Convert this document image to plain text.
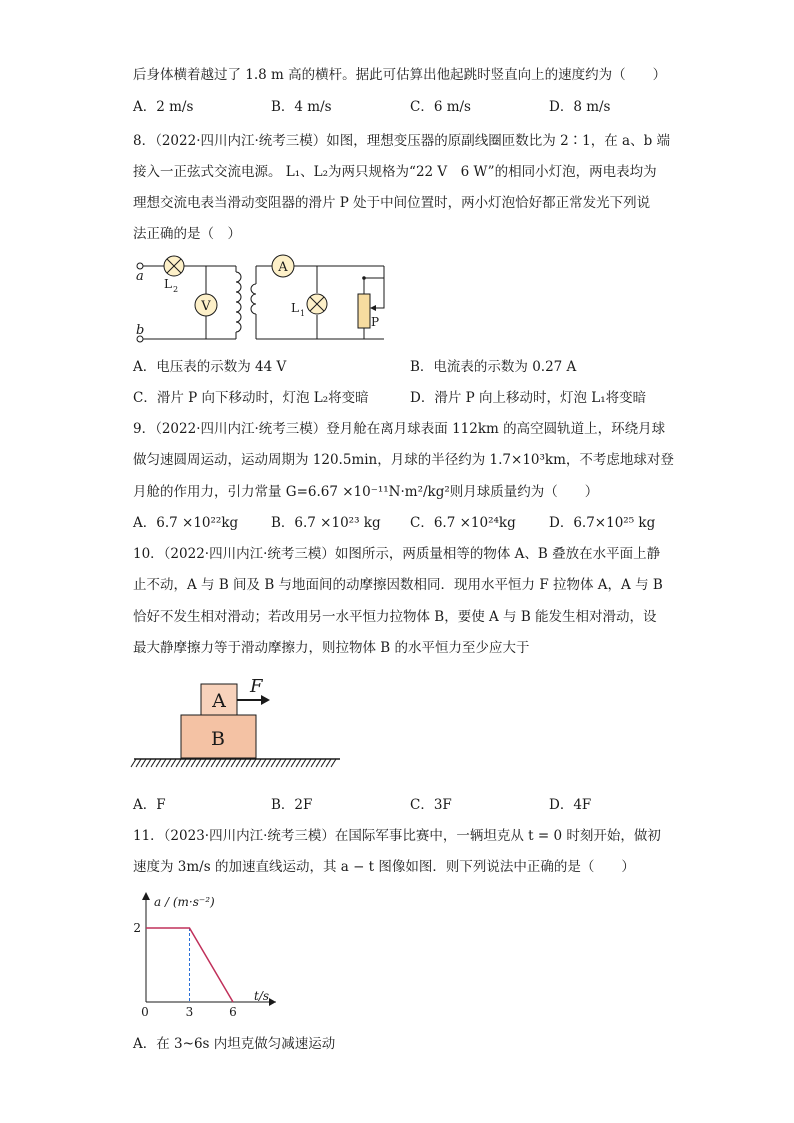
后身体横着越过了 1.8 m 高的横杆。据此可估算出他起跳时竖直向上的速度约为（　　）
A．2 m/s	B．4 m/s	C．6 m/s	D．8 m/s
8．（2022·四川内江·统考三模）如图，理想变压器的原副线圈匝数比为 2∶1，在 a、b 端
接入一正弦式交流电源。 L₁、L₂为两只规格为“22 V　6 W”的相同小灯泡，两电表均为
理想交流电表当滑动变阻器的滑片 P 处于中间位置时，两小灯泡恰好都正常发光下列说
法正确的是（　）
V
A
a
b
L 2
L 1
P
A．电压表的示数为 44 V	B．电流表的示数为 0.27 A
C．滑片 P 向下移动时，灯泡 L₂将变暗	D．滑片 P 向上移动时，灯泡 L₁将变暗
9．（2022·四川内江·统考三模）登月舱在离月球表面 112km 的高空圆轨道上，环绕月球
做匀速圆周运动，运动周期为 120.5min，月球的半径约为 1.7×10³km，不考虑地球对登
月舱的作用力，引力常量 G=6.67 ×10⁻¹¹N·m²/kg²则月球质量约为（　　）
A．6.7 ×10²²kg B．6.7 ×10²³ kg C．6.7 ×10²⁴kg D．6.7×10²⁵ kg
10．（2022·四川内江·统考三模）如图所示，两质量相等的物体 A、B 叠放在水平面上静
止不动，A 与 B 间及 B 与地面间的动摩擦因数相同．现用水平恒力 F 拉物体 A，A 与 B
恰好不发生相对滑动；若改用另一水平恒力拉物体 B，要使 A 与 B 能发生相对滑动，设
最大静摩擦力等于滑动摩擦力，则拉物体 B 的水平恒力至少应大于
A
B
F
A．F	B．2F	C．3F	D．4F
11．（2023·四川内江·统考三模）在国际军事比赛中，一辆坦克从 t = 0 时刻开始，做初
速度为 3m/s 的加速直线运动，其 a − t 图像如图．则下列说法中正确的是（　　）
a / (m·s⁻²)
t/s
0	3	6
2
A．在 3~6s 内坦克做匀减速运动
